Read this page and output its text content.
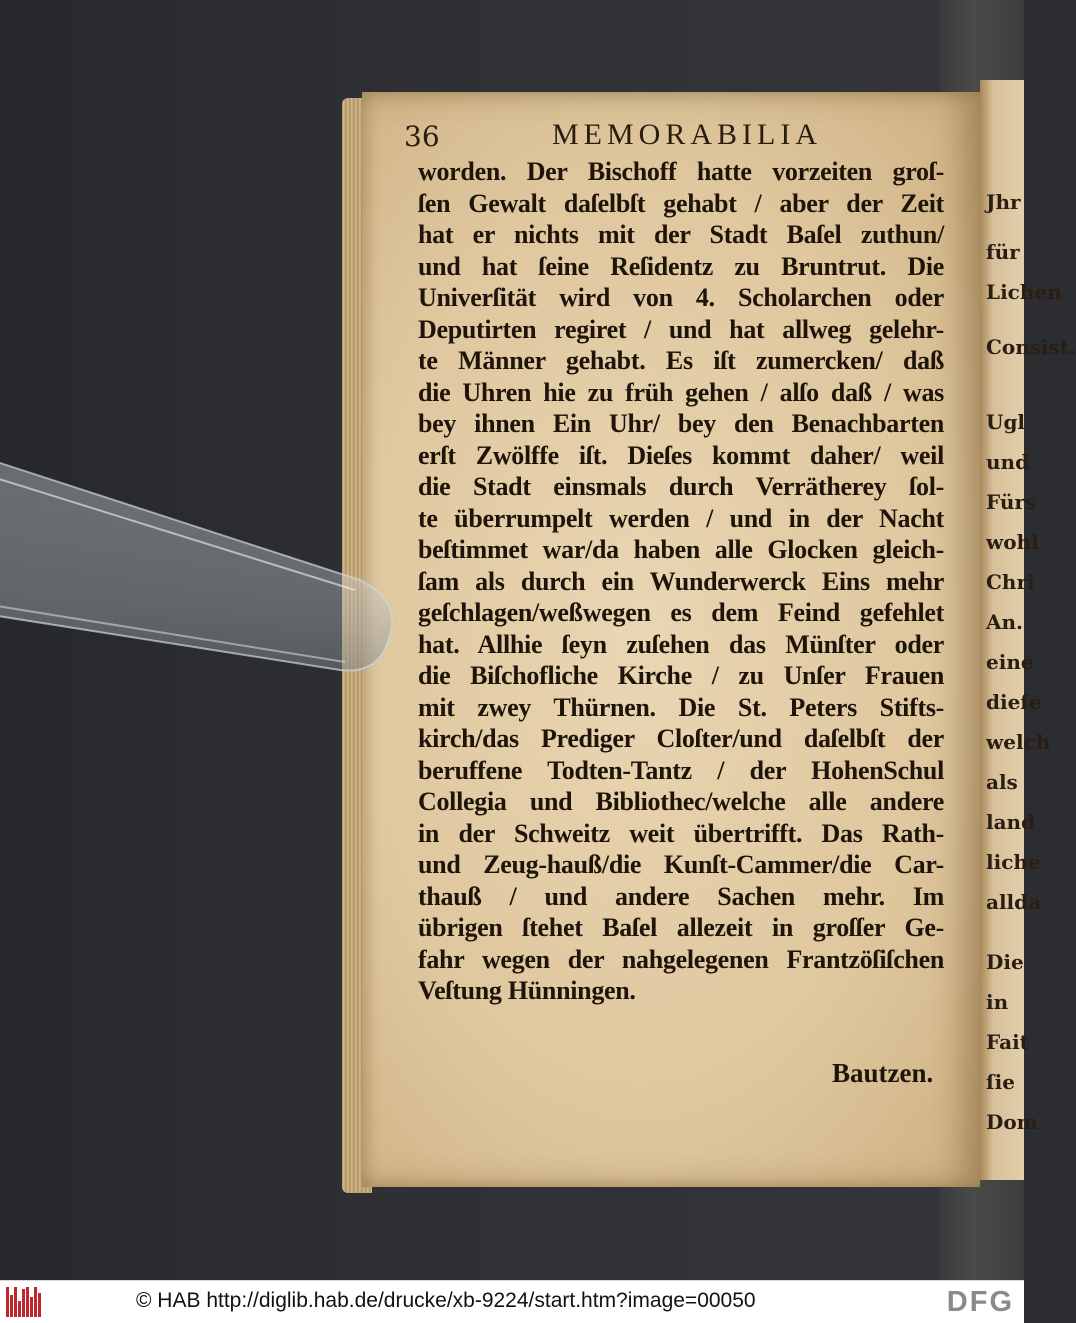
Jhr
für
Lichen
Consist.
Ugl
und
Fürs
wohl
Chri
An.
eine
dieſe
welch
als
land
liche
allda
Die
in
Fait
ſie
Dom
36	MEMORABILIA
worden. Der Bischoff hatte vorzeiten groſ-
ſen Gewalt daſelbſt gehabt / aber der Zeit
hat er nichts mit der Stadt Baſel zuthun/
und hat ſeine Reſidentz zu Bruntrut. Die
Univerſität wird von 4. Scholarchen oder
Deputirten regiret / und hat allweg gelehr-
te Männer gehabt. Es iſt zumercken/ daß
die Uhren hie zu früh gehen / alſo daß / was
bey ihnen Ein Uhr/ bey den Benachbarten
erſt Zwölffe iſt. Dieſes kommt daher/ weil
die Stadt einsmals durch Verrätherey ſol-
te überrumpelt werden / und in der Nacht
beſtimmet war/da haben alle Glocken gleich-
ſam als durch ein Wunderwerck Eins mehr
geſchlagen/weßwegen es dem Feind gefehlet
hat. Allhie ſeyn zuſehen das Münſter oder
die Biſchofliche Kirche / zu Unſer Frauen
mit zwey Thürnen. Die St. Peters Stifts-
kirch/das Prediger Cloſter/und daſelbſt der
beruffene Todten-Tantz / der HohenSchul
Collegia und Bibliothec/welche alle andere
in der Schweitz weit übertrifft. Das Rath-
und Zeug-hauß/die Kunſt-Cammer/die Car-
thauß / und andere Sachen mehr. Im
übrigen ſtehet Baſel allezeit in groſſer Ge-
fahr wegen der nahgelegenen Frantzöſiſchen
Veſtung Hünningen.
Bautzen.
© HAB http://diglib.hab.de/drucke/xb-9224/start.htm?image=00050	DFG
